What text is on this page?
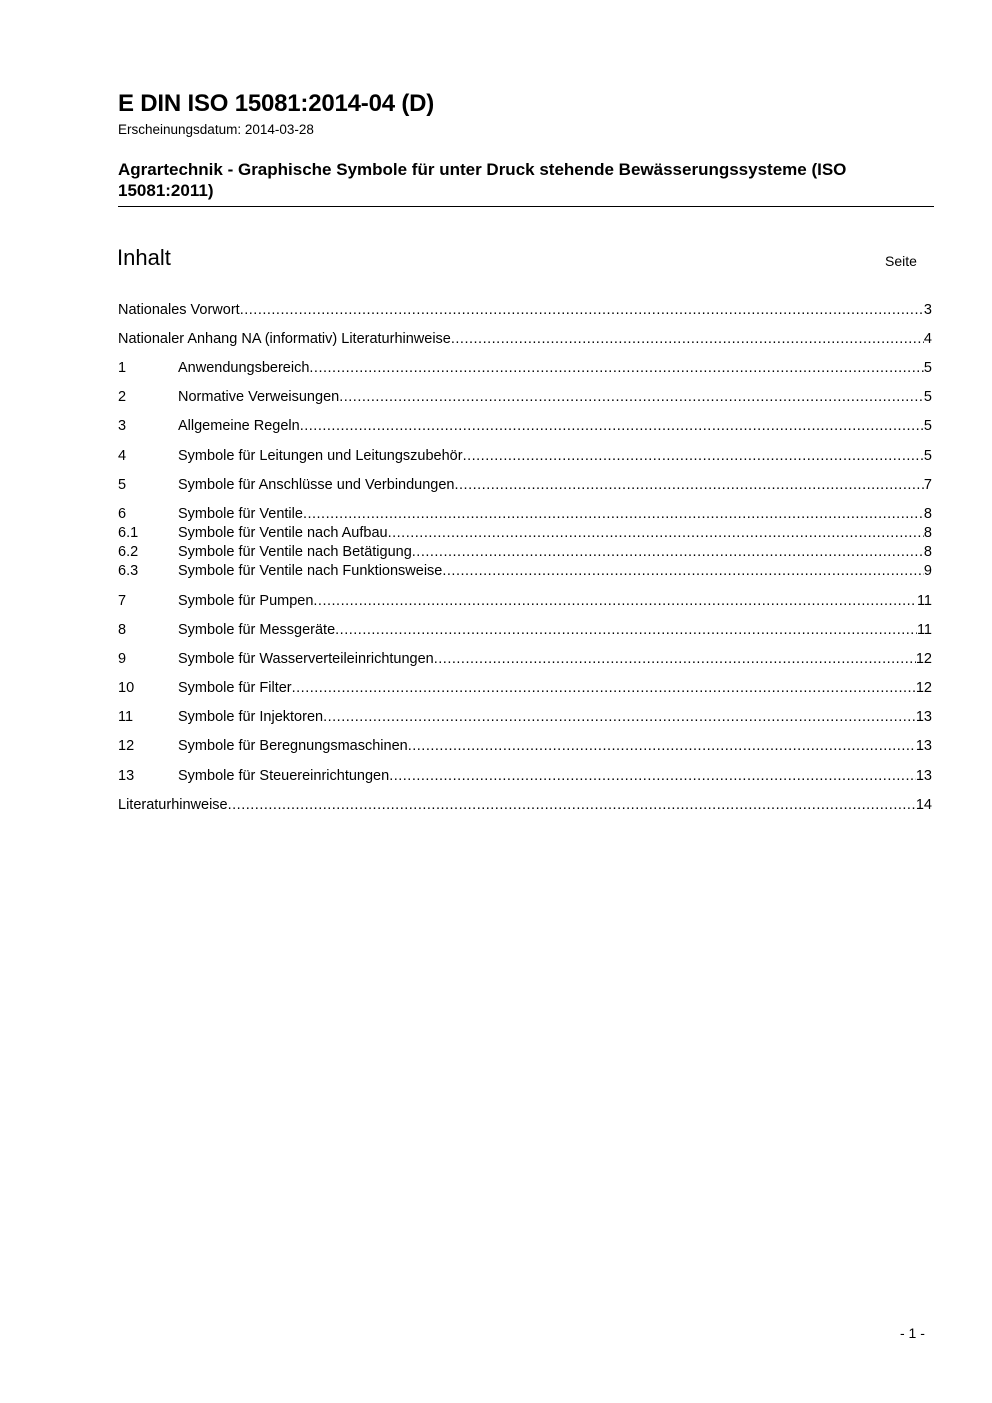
E DIN ISO 15081:2014-04 (D)
Erscheinungsdatum: 2014-03-28
Agrartechnik - Graphische Symbole für unter Druck stehende Bewässerungssysteme (ISO 15081:2011)
Inhalt	Seite
Nationales Vorwort .....	3
Nationaler Anhang NA (informativ) Literaturhinweise .....	4
1	Anwendungsbereich .....	5
2	Normative Verweisungen .....	5
3	Allgemeine Regeln .....	5
4	Symbole für Leitungen und Leitungszubehör .....	5
5	Symbole für Anschlüsse und Verbindungen .....	7
6	Symbole für Ventile .....	8
6.1	Symbole für Ventile nach Aufbau .....	8
6.2	Symbole für Ventile nach Betätigung .....	8
6.3	Symbole für Ventile nach Funktionsweise .....	9
7	Symbole für Pumpen .....	11
8	Symbole für Messgeräte .....	11
9	Symbole für Wasserverteileinrichtungen .....	12
10	Symbole für Filter .....	12
11	Symbole für Injektoren .....	13
12	Symbole für Beregnungsmaschinen .....	13
13	Symbole für Steuereinrichtungen .....	13
Literaturhinweise .....	14
- 1 -
